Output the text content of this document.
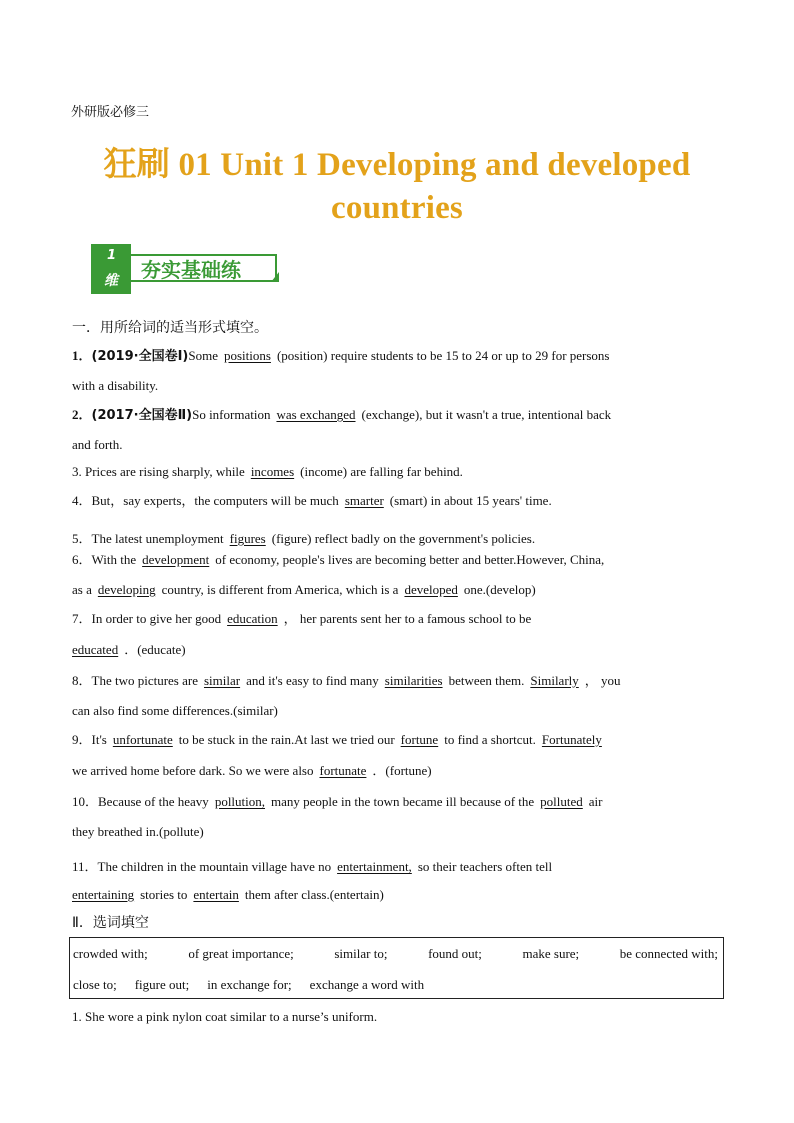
外研版必修三
狂刷 01 Unit 1 Developing and developed
countries
1
维	夯实基础练
一．用所给词的适当形式填空。
1．(2019·全国卷Ⅰ)Some positions (position) require students to be 15 to 24 or up to 29 for persons
with a disability.
2．(2017·全国卷Ⅱ)So information was exchanged (exchange), but it wasn't a true, intentional back
and forth.
3. Prices are rising sharply, while incomes (income) are falling far behind.
4．But，say experts，the computers will be much smarter (smart) in about 15 years' time.
5．The latest unemployment figures (figure) reflect badly on the government's policies.
6．With the development of economy, people's lives are becoming better and better.However, China,
as a developing country, is different from America, which is a developed one.(develop)
7．In order to give her good education ， her parents sent her to a famous school to be
educated ．(educate)
8．The two pictures are similar and it's easy to find many similarities between them. Similarly ， you
can also find some differences.(similar)
9．It's unfortunate to be stuck in the rain.At last we tried our fortune to find a shortcut. Fortunately
we arrived home before dark. So we were also fortunate ．(fortune)
10．Because of the heavy pollution, many people in the town became ill because of the polluted air
they breathed in.(pollute)
11．The children in the mountain village have no entertainment, so their teachers often tell
entertaining stories to entertain them after class.(entertain)
Ⅱ．选词填空
crowded with;	of great importance;	similar to;	found out;	make sure;	be connected with;
close to; figure out; in exchange for; exchange a word with
1. She wore a pink nylon coat similar to a nurse’s uniform.
